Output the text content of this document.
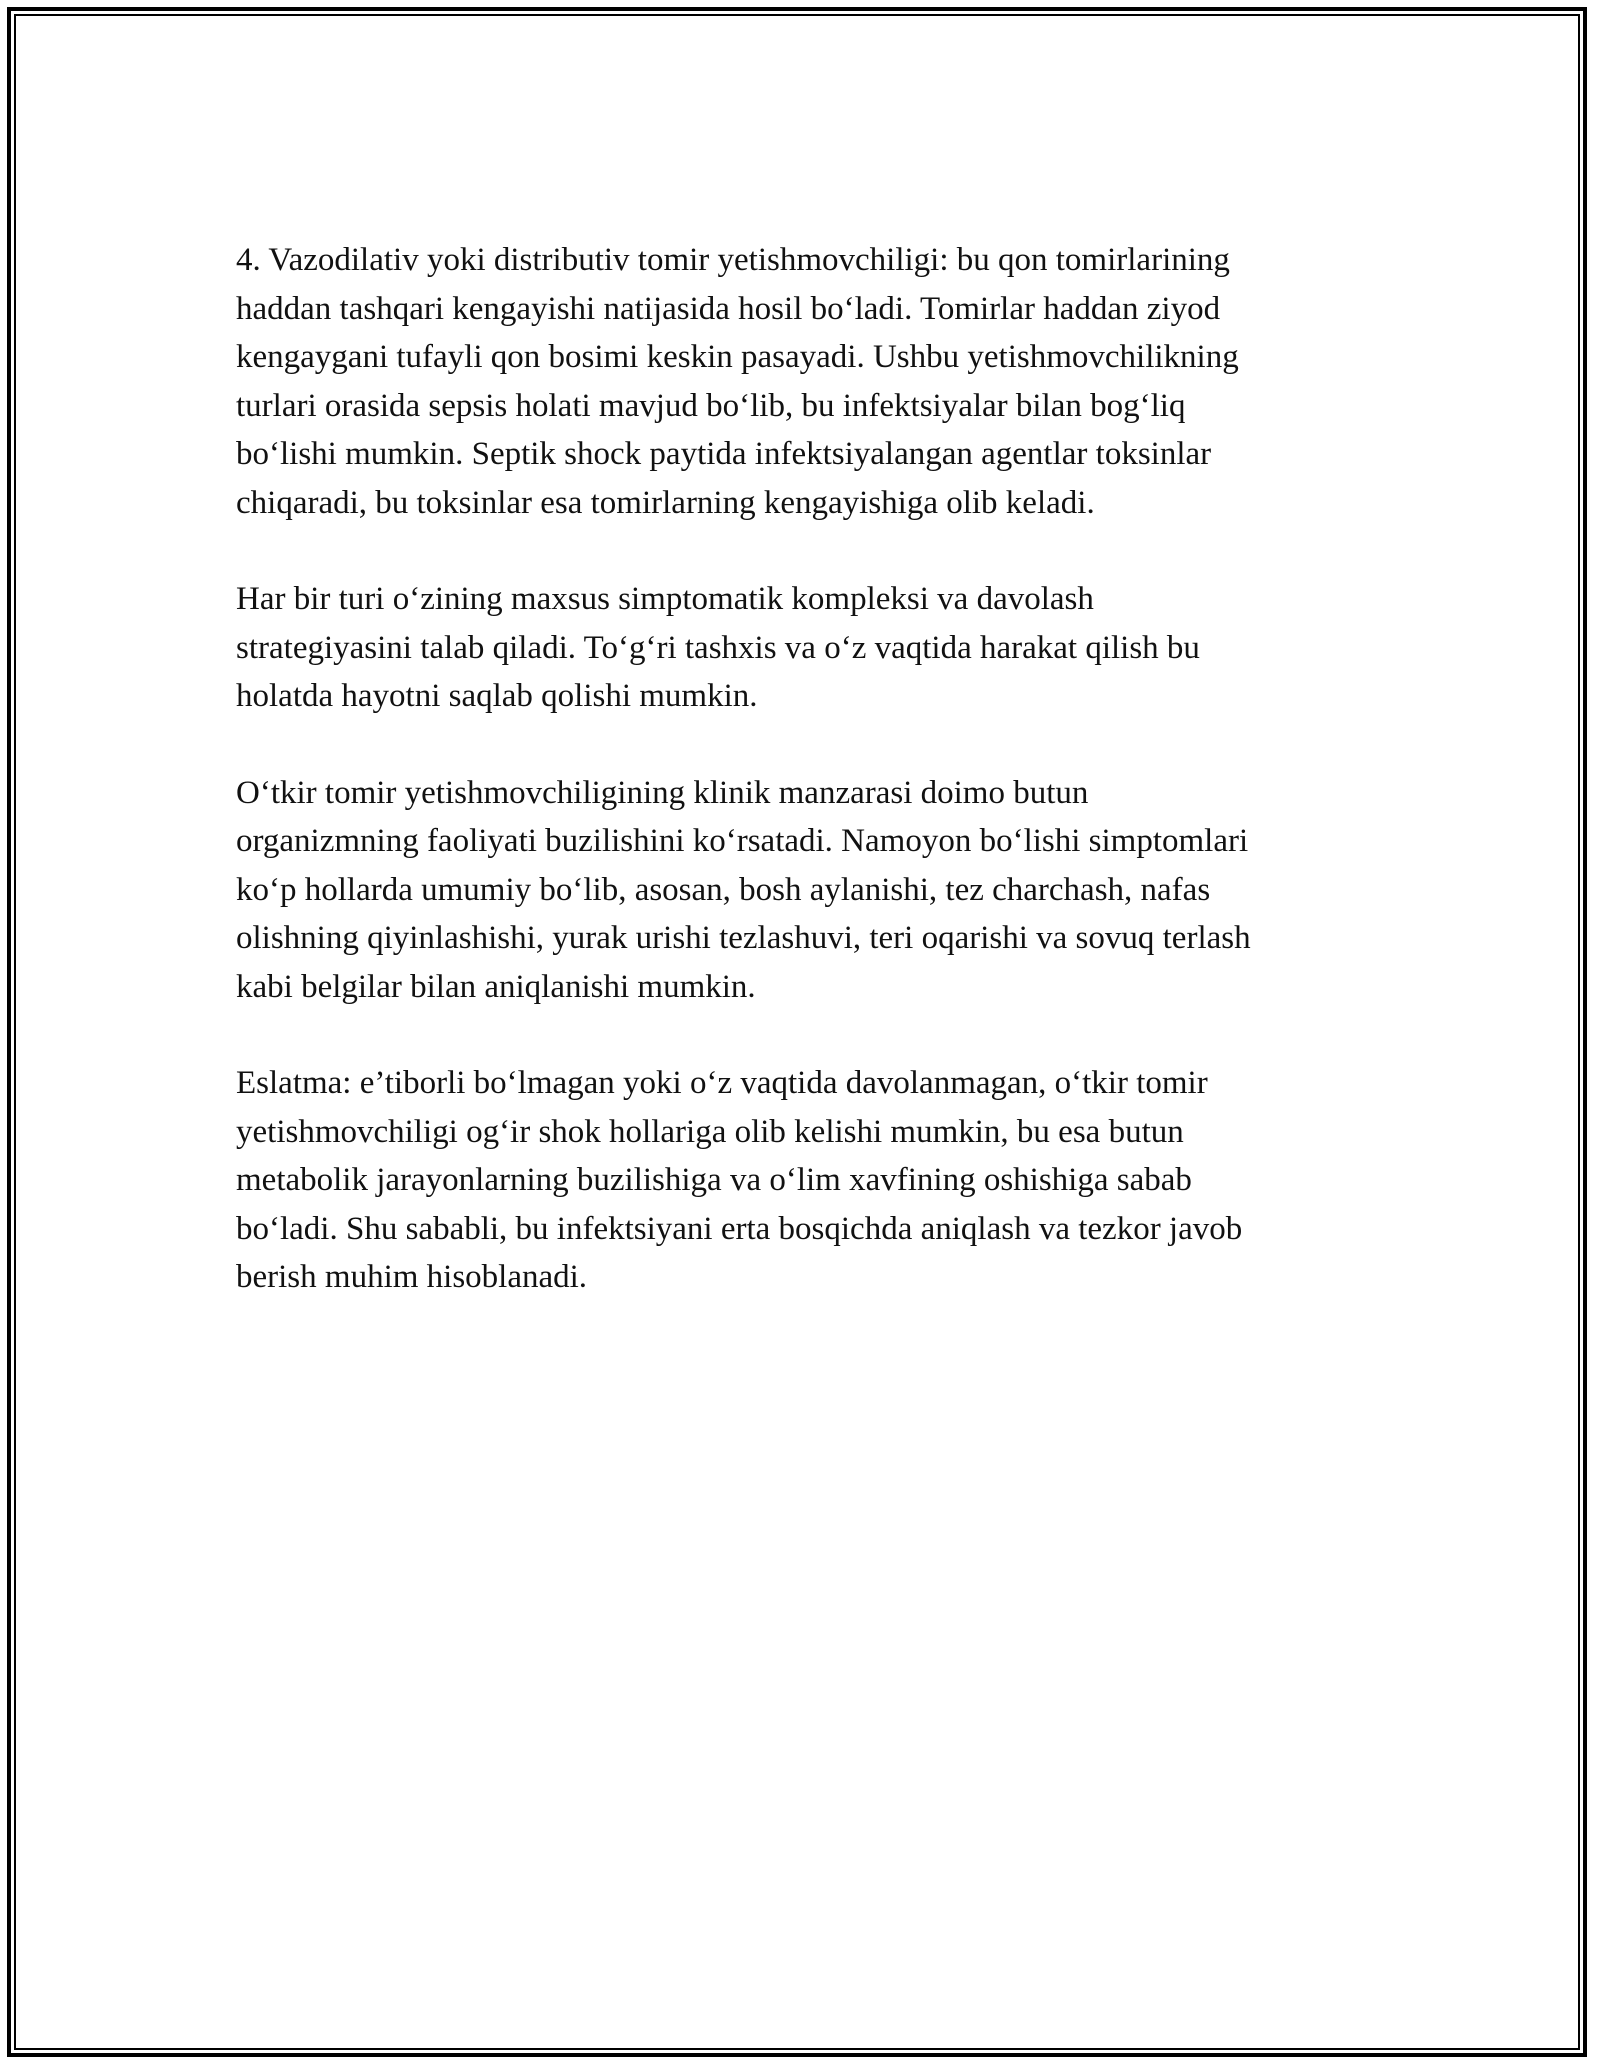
4. Vazodilativ yoki distributiv tomir yetishmovchiligi: bu qon tomirlarining
haddan tashqari kengayishi natijasida hosil bo‘ladi. Tomirlar haddan ziyod
kengaygani tufayli qon bosimi keskin pasayadi. Ushbu yetishmovchilikning
turlari orasida sepsis holati mavjud bo‘lib, bu infektsiyalar bilan bog‘liq
bo‘lishi mumkin. Septik shock paytida infektsiyalangan agentlar toksinlar
chiqaradi, bu toksinlar esa tomirlarning kengayishiga olib keladi.

Har bir turi o‘zining maxsus simptomatik kompleksi va davolash
strategiyasini talab qiladi. To‘g‘ri tashxis va o‘z vaqtida harakat qilish bu
holatda hayotni saqlab qolishi mumkin.

O‘tkir tomir yetishmovchiligining klinik manzarasi doimo butun
organizmning faoliyati buzilishini ko‘rsatadi. Namoyon bo‘lishi simptomlari
ko‘p hollarda umumiy bo‘lib, asosan, bosh aylanishi, tez charchash, nafas
olishning qiyinlashishi, yurak urishi tezlashuvi, teri oqarishi va sovuq terlash
kabi belgilar bilan aniqlanishi mumkin.

Eslatma: e’tiborli bo‘lmagan yoki o‘z vaqtida davolanmagan, o‘tkir tomir
yetishmovchiligi og‘ir shok hollariga olib kelishi mumkin, bu esa butun
metabolik jarayonlarning buzilishiga va o‘lim xavfining oshishiga sabab
bo‘ladi. Shu sababli, bu infektsiyani erta bosqichda aniqlash va tezkor javob
berish muhim hisoblanadi.
